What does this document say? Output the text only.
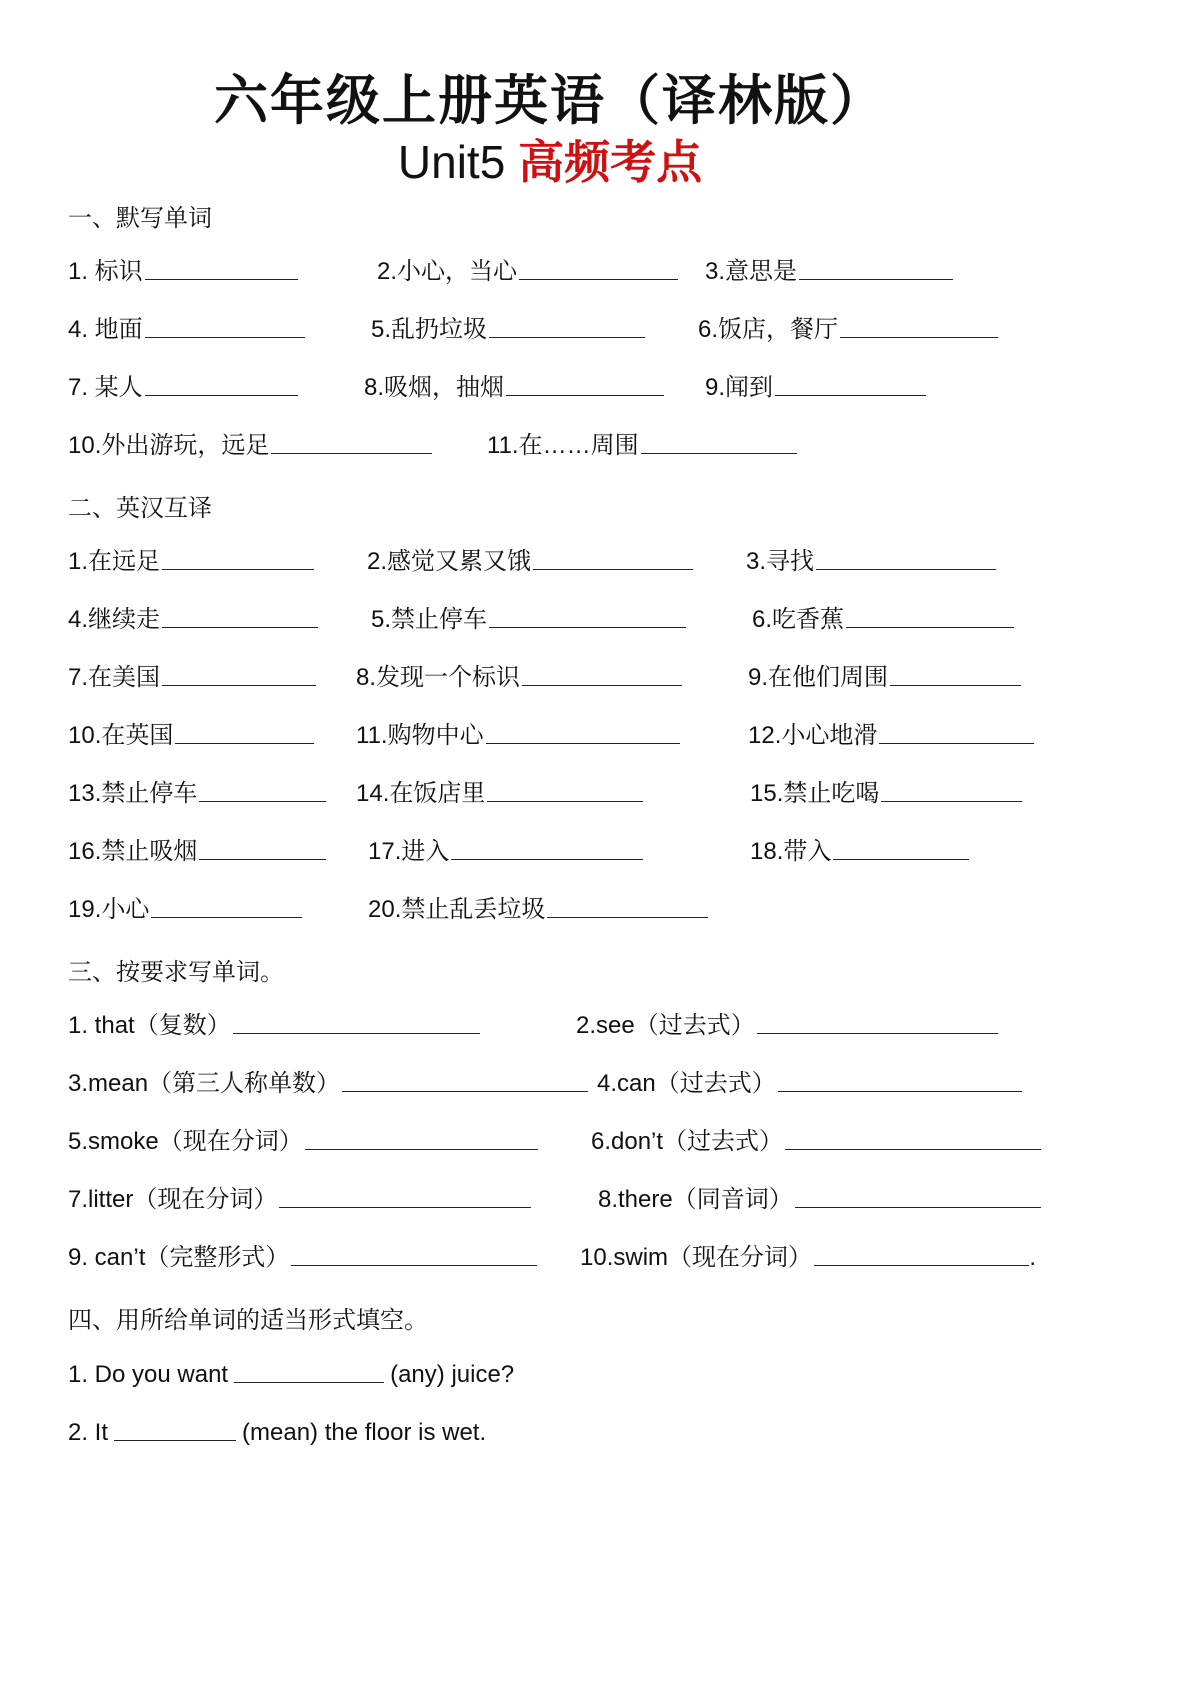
六年级上册英语（译林版）
Unit5 高频考点
一、默写单词
1. 标识	2.小心，当心	3.意思是
4. 地面	5.乱扔垃圾	6.饭店，餐厅
7. 某人	8.吸烟，抽烟	9.闻到
10.外出游玩，远足	11.在……周围
二、英汉互译
1.在远足	2.感觉又累又饿	3.寻找
4.继续走	5.禁止停车	6.吃香蕉
7.在美国	8.发现一个标识	9.在他们周围
10.在英国	11.购物中心	12.小心地滑
13.禁止停车	14.在饭店里	15.禁止吃喝
16.禁止吸烟	17.进入	18.带入
19.小心	20.禁止乱丢垃圾
三、按要求写单词。
1. that（复数）	2.see（过去式）
3.mean（第三人称单数）	4.can（过去式）
5.smoke（现在分词）	6.don’t（过去式）
7.litter（现在分词）	8.there（同音词）
9. can’t（完整形式）	10.swim（现在分词）	.
四、用所给单词的适当形式填空。
1. Do you want	(any) juice?
2. It	(mean) the floor is wet.
